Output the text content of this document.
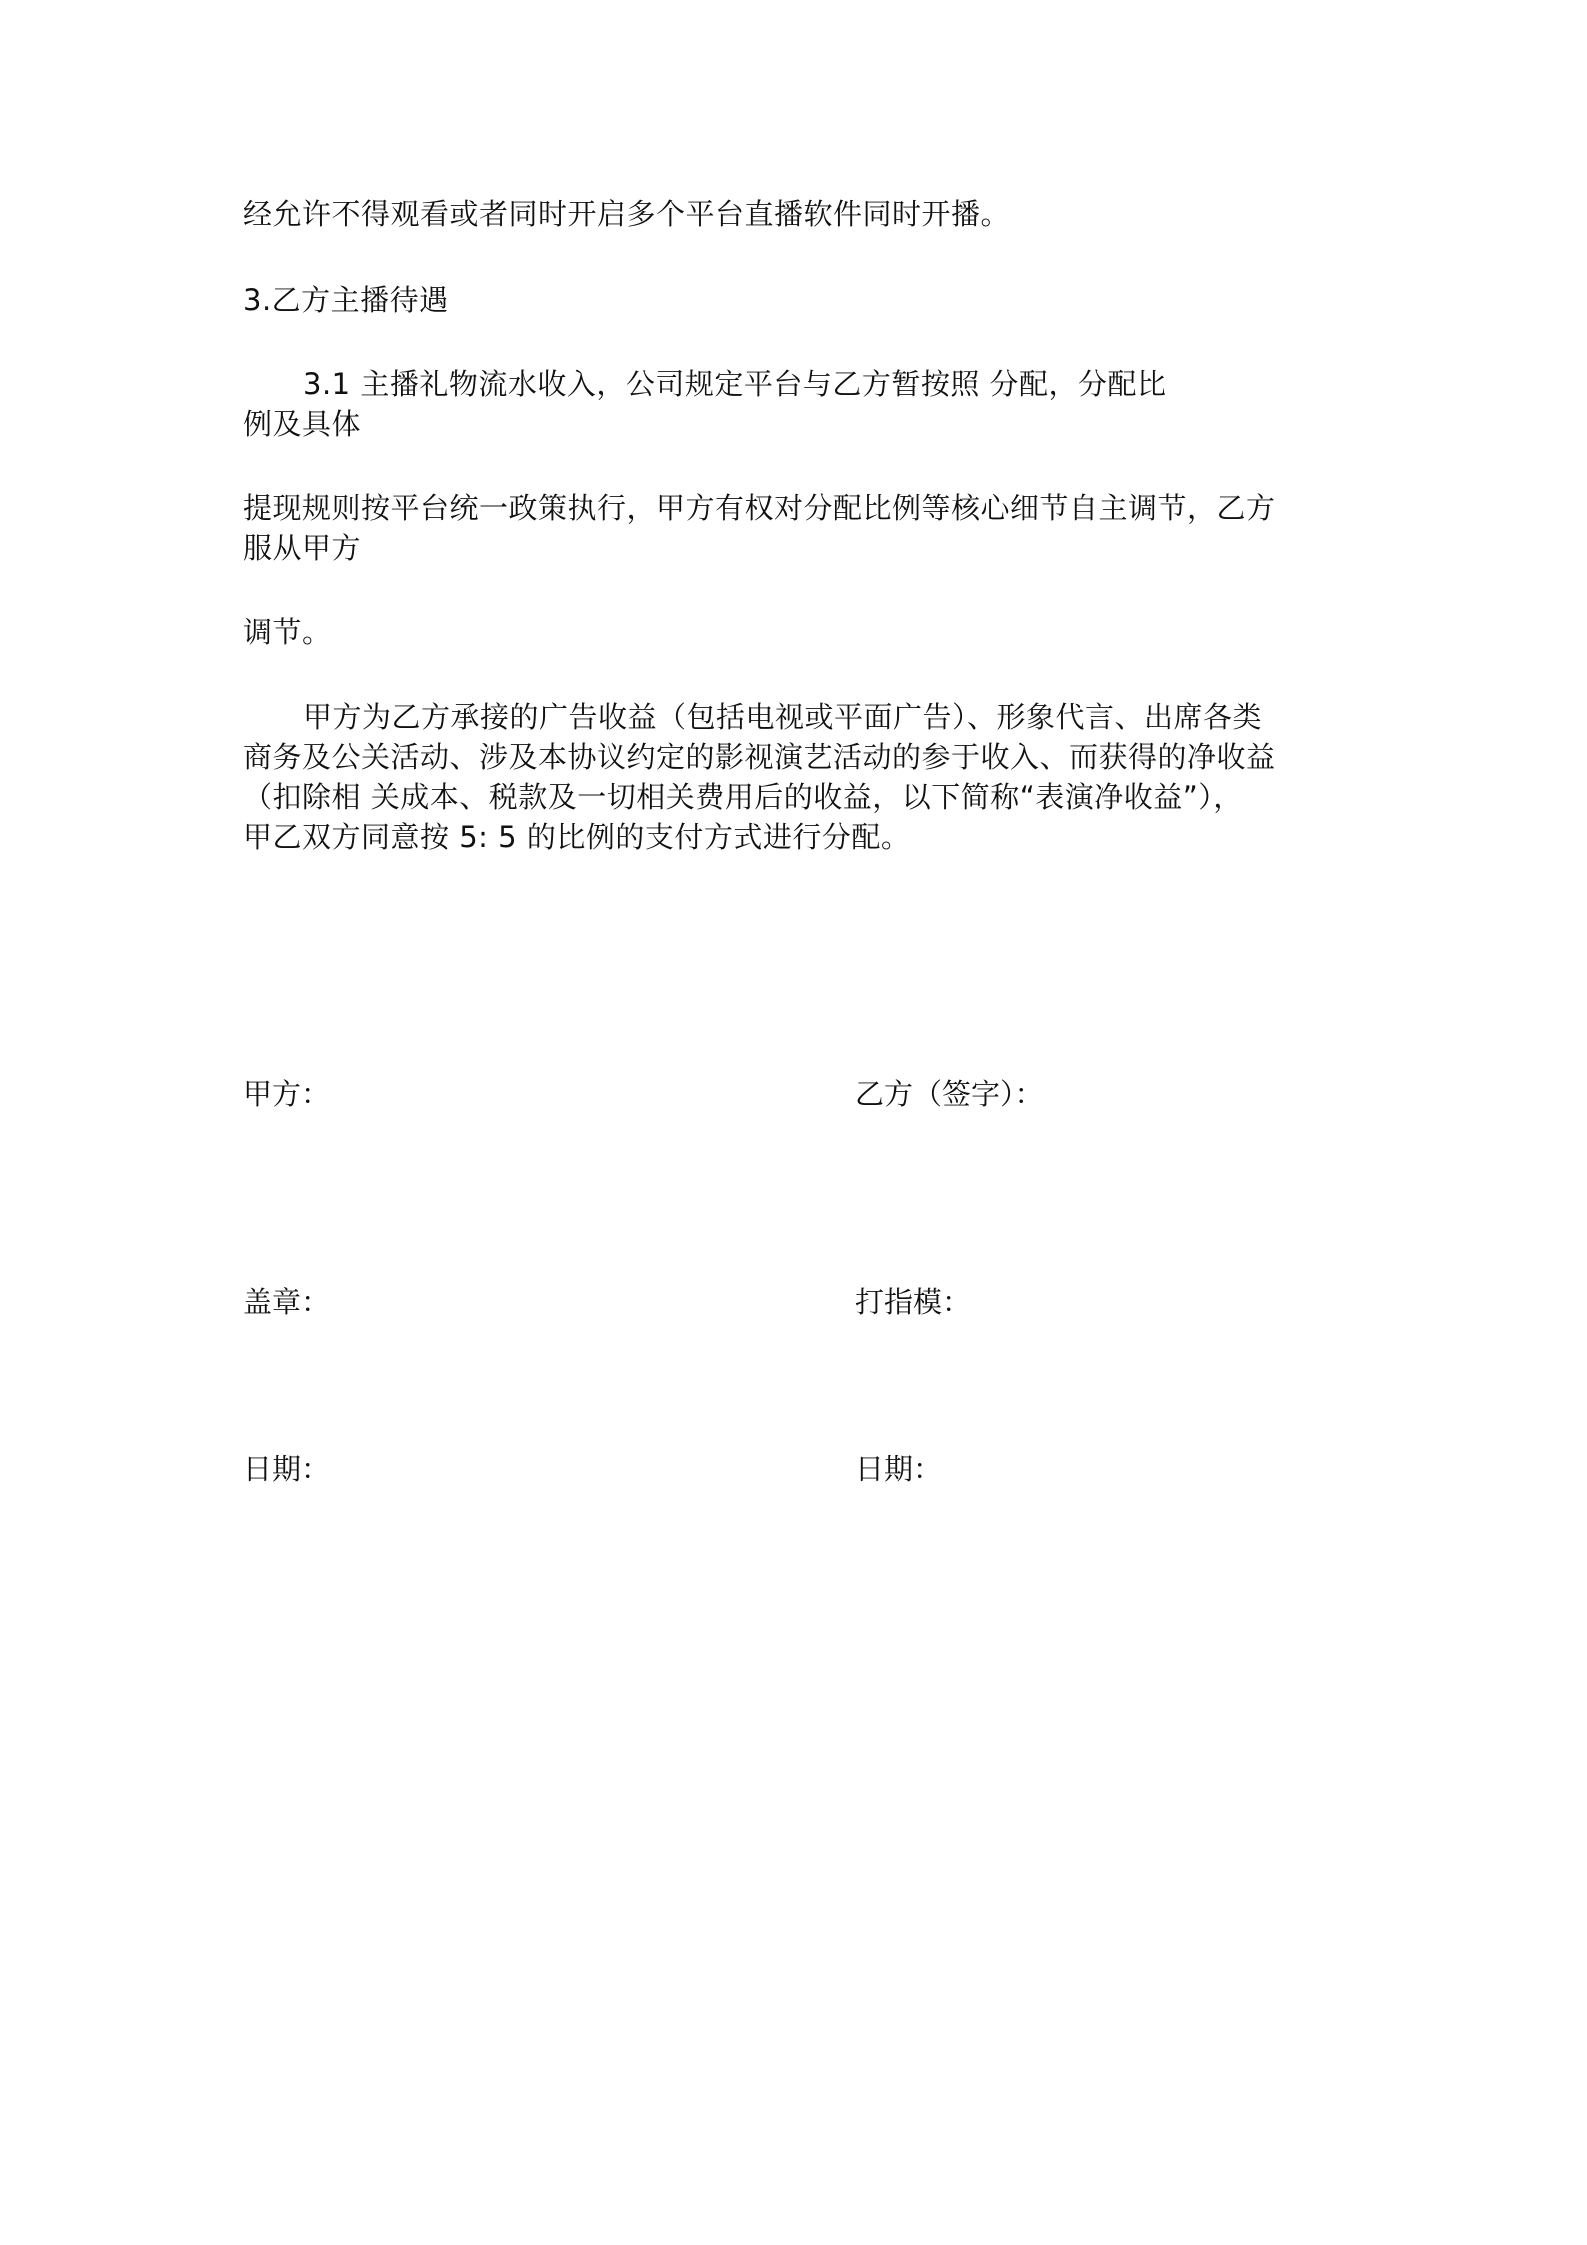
经允许不得观看或者同时开启多个平台直播软件同时开播。
3.乙方主播待遇
3.1 主播礼物流水收入，公司规定平台与乙方暂按照 分配，分配比
例及具体
提现规则按平台统一政策执行，甲方有权对分配比例等核心细节自主调节，乙方
服从甲方
调节。
甲方为乙方承接的广告收益（包括电视或平面广告）、形象代言、出席各类
商务及公关活动、涉及本协议约定的影视演艺活动的参于收入、而获得的净收益
（扣除相 关成本、税款及一切相关费用后的收益，以下简称“表演净收益”），
甲乙双方同意按 5: 5 的比例的支付方式进行分配。
甲方：	乙方（签字）：
盖章：	打指模：
日期：	日期：
